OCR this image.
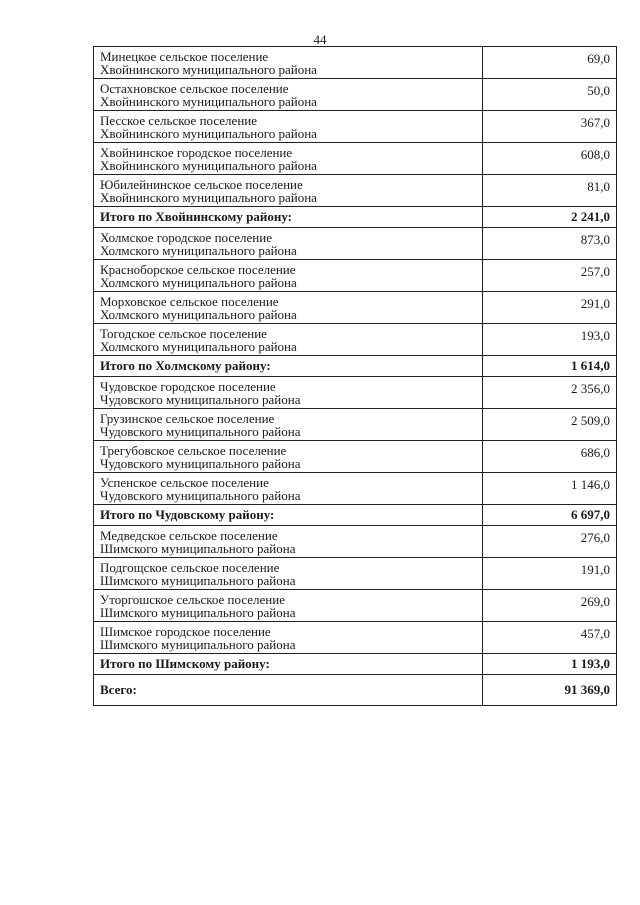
44
Минецкое сельское поселение
Хвойнинского муниципального района	69,0

Остахновское сельское поселение
Хвойнинского муниципального района	50,0

Песское сельское поселение
Хвойнинского муниципального района	367,0

Хвойнинское городское поселение
Хвойнинского муниципального района	608,0

Юбилейнинское сельское поселение
Хвойнинского муниципального района	81,0
Итого по Хвойнинскому району:	2 241,0

Холмское городское поселение
Холмского муниципального района	873,0

Красноборское сельское поселение
Холмского муниципального района	257,0

Морховское сельское поселение
Холмского муниципального района	291,0

Тогодское сельское поселение
Холмского муниципального района	193,0
Итого по Холмскому району:	1 614,0

Чудовское городское поселение
Чудовского муниципального района	2 356,0

Грузинское сельское поселение
Чудовского муниципального района	2 509,0

Трегубовское сельское поселение
Чудовского муниципального района	686,0

Успенское сельское поселение
Чудовского муниципального района	1 146,0
Итого по Чудовскому району:	6 697,0

Медведское сельское поселение
Шимского муниципального района	276,0

Подгощское сельское поселение
Шимского муниципального района	191,0

Уторгошское сельское поселение
Шимского муниципального района	269,0

Шимское городское поселение
Шимского муниципального района	457,0
Итого по Шимскому району:	1 193,0
Всего:	91 369,0
